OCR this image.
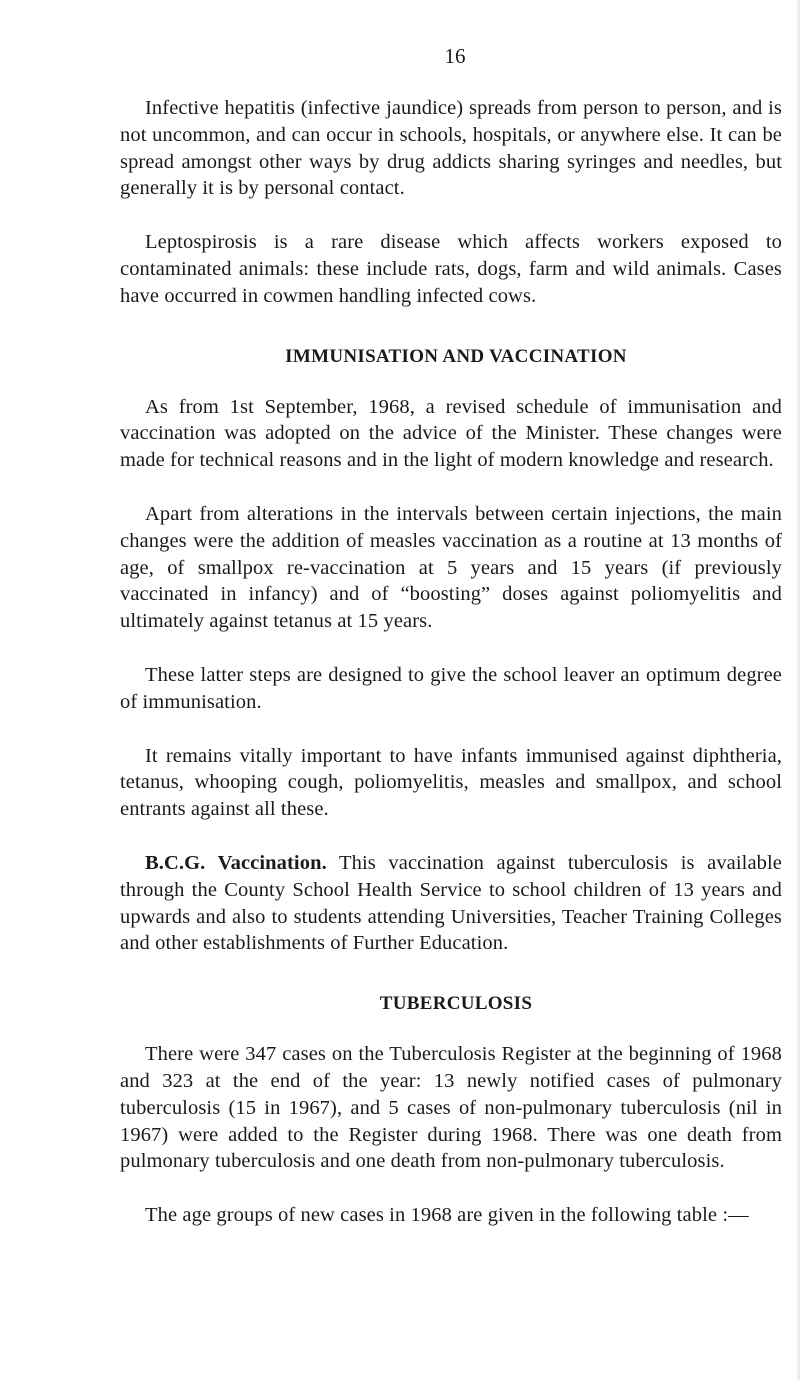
16

Infective hepatitis (infective jaundice) spreads from person to person, and is not uncommon, and can occur in schools, hospitals, or anywhere else. It can be spread amongst other ways by drug addicts sharing syringes and needles, but generally it is by personal contact.

Leptospirosis is a rare disease which affects workers exposed to contaminated animals: these include rats, dogs, farm and wild animals. Cases have occurred in cowmen handling infected cows.

IMMUNISATION AND VACCINATION

As from 1st September, 1968, a revised schedule of immunisation and vaccination was adopted on the advice of the Minister. These changes were made for technical reasons and in the light of modern knowledge and research.

Apart from alterations in the intervals between certain injections, the main changes were the addition of measles vaccination as a routine at 13 months of age, of smallpox re-vaccination at 5 years and 15 years (if previously vaccinated in infancy) and of “boosting” doses against poliomyelitis and ultimately against tetanus at 15 years.

These latter steps are designed to give the school leaver an optimum degree of immunisation.

It remains vitally important to have infants immunised against diphtheria, tetanus, whooping cough, poliomyelitis, measles and smallpox, and school entrants against all these.

B.C.G. Vaccination. This vaccination against tuberculosis is available through the County School Health Service to school children of 13 years and upwards and also to students attending Universities, Teacher Training Colleges and other establishments of Further Education.

TUBERCULOSIS

There were 347 cases on the Tuberculosis Register at the beginning of 1968 and 323 at the end of the year: 13 newly notified cases of pulmonary tuberculosis (15 in 1967), and 5 cases of non-pulmonary tuberculosis (nil in 1967) were added to the Register during 1968. There was one death from pulmonary tuberculosis and one death from non-pulmonary tuberculosis.

The age groups of new cases in 1968 are given in the following table :—
